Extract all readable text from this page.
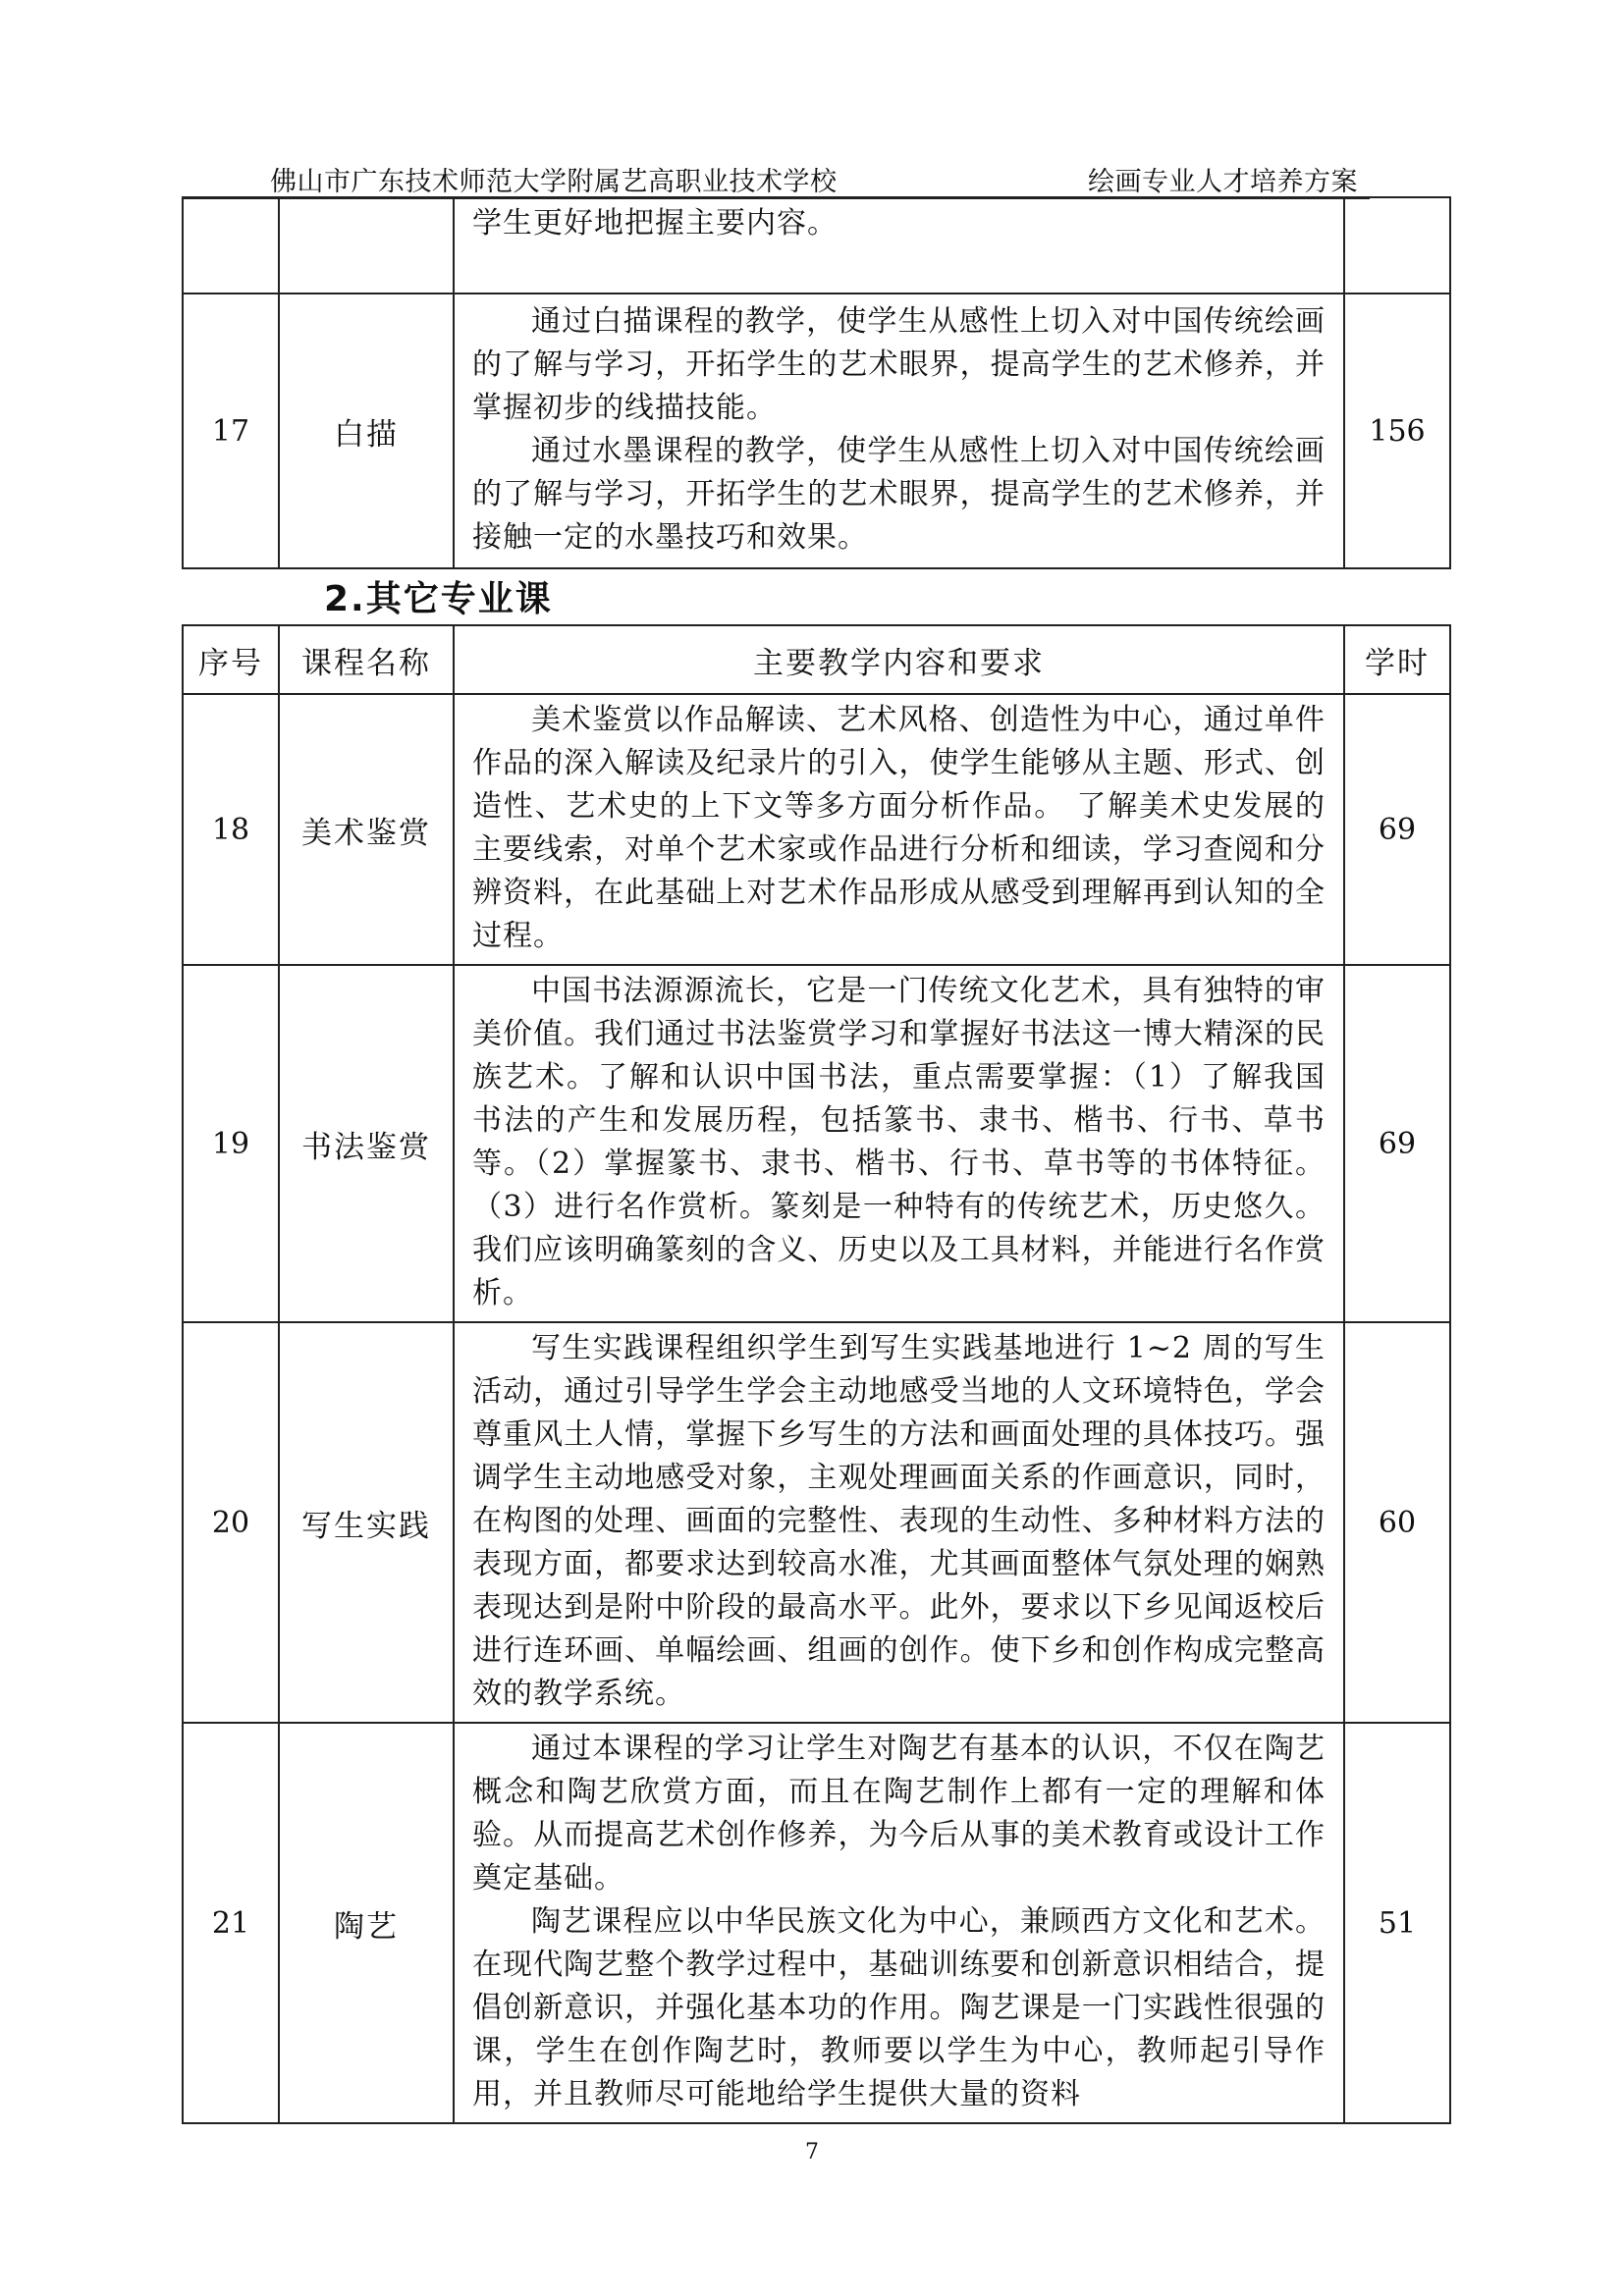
佛山市广东技术师范大学附属艺高职业技术学校	绘画专业人才培养方案

		学生更好地把握主要内容。	

17	白描	通过白描课程的教学，使学生从感性上切入对中国传统绘画的了解与学习，开拓学生的艺术眼界，提高学生的艺术修养，并掌握初步的线描技能。

通过水墨课程的教学，使学生从感性上切入对中国传统绘画的了解与学习，开拓学生的艺术眼界，提高学生的艺术修养，并接触一定的水墨技巧和效果。	156
2.其它专业课
序号	课程名称	主要教学内容和要求	学时
18	美术鉴赏	美术鉴赏以作品解读、艺术风格、创造性为中心，通过单件作品的深入解读及纪录片的引入，使学生能够从主题、形式、创造性、艺术史的上下文等多方面分析作品。 了解美术史发展的主要线索，对单个艺术家或作品进行分析和细读，学习查阅和分辨资料，在此基础上对艺术作品形成从感受到理解再到认知的全过程。	69
19	书法鉴赏	中国书法源源流长，它是一门传统文化艺术，具有独特的审美价值。我们通过书法鉴赏学习和掌握好书法这一博大精深的民族艺术。了解和认识中国书法，重点需要掌握：（1）了解我国书法的产生和发展历程，包括篆书、隶书、楷书、行书、草书等。（2）掌握篆书、隶书、楷书、行书、草书等的书体特征。（3）进行名作赏析。篆刻是一种特有的传统艺术，历史悠久。我们应该明确篆刻的含义、历史以及工具材料，并能进行名作赏析。	69
20	写生实践	写生实践课程组织学生到写生实践基地进行 1~2 周的写生活动，通过引导学生学会主动地感受当地的人文环境特色，学会尊重风土人情，掌握下乡写生的方法和画面处理的具体技巧。强调学生主动地感受对象，主观处理画面关系的作画意识，同时，在构图的处理、画面的完整性、表现的生动性、多种材料方法的表现方面，都要求达到较高水准，尤其画面整体气氛处理的娴熟表现达到是附中阶段的最高水平。此外，要求以下乡见闻返校后进行连环画、单幅绘画、组画的创作。使下乡和创作构成完整高效的教学系统。	60
21	陶艺	通过本课程的学习让学生对陶艺有基本的认识，不仅在陶艺概念和陶艺欣赏方面，而且在陶艺制作上都有一定的理解和体验。从而提高艺术创作修养，为今后从事的美术教育或设计工作奠定基础。

陶艺课程应以中华民族文化为中心，兼顾西方文化和艺术。在现代陶艺整个教学过程中，基础训练要和创新意识相结合，提倡创新意识，并强化基本功的作用。陶艺课是一门实践性很强的课，学生在创作陶艺时，教师要以学生为中心，教师起引导作用，并且教师尽可能地给学生提供大量的资料	51
7
